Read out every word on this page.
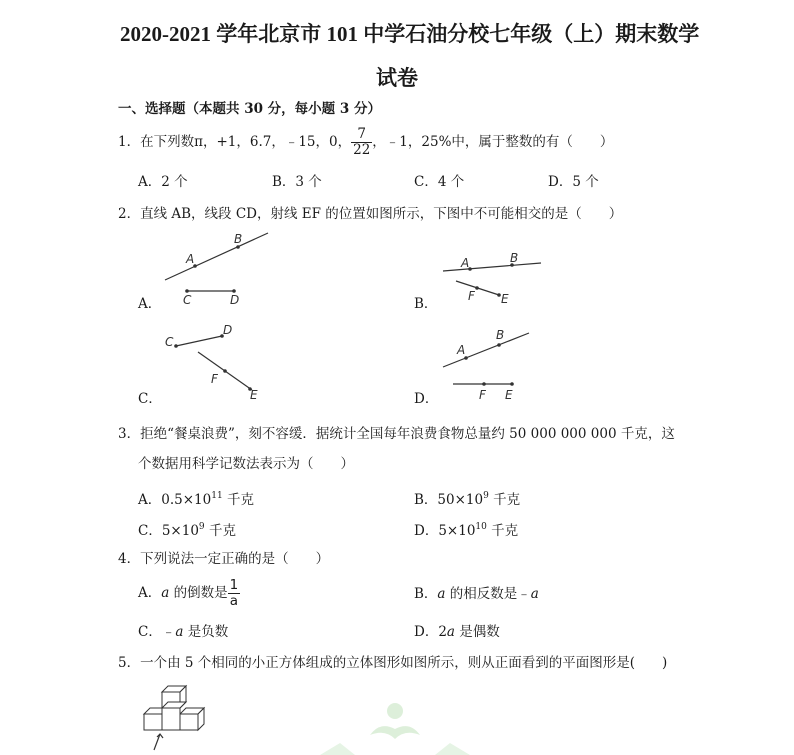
2020-2021 学年北京市 101 中学石油分校七年级（上）期末数学
试卷
一、选择题（本题共 30 分，每小题 3 分）
1．在下列数π，+1，6.7，﹣15，0， $\frac{7}{22}$ ，﹣1，25%中，属于整数的有（　　）
A．2 个	B．3 个	C．4 个	D．5 个
2．直线 AB，线段 CD，射线 EF 的位置如图所示，下图中不可能相交的是（　　）
A
B
C	D
A	B
F E
C
D
F
E
A
B
F E
A．	B．
C．	D．
3．拒绝“餐桌浪费”，刻不容缓．据统计全国每年浪费食物总量约 50 000 000 000 千克，这
个数据用科学记数法表示为（　　）
A．$0.5\times 10^{11}$ 千克	B．$50\times 10^9$ 千克
C．$5\times 10^9$ 千克	D．$5\times 10^{10}$ 千克
4．下列说法一定正确的是（　　）
A．a 的倒数是 $\frac{1}{a}$	B．a 的相反数是﹣a
C．﹣a 是负数	D．2a 是偶数
5．一个由 5 个相同的小正方体组成的立体图形如图所示，则从正面看到的平面图形是(　　)
